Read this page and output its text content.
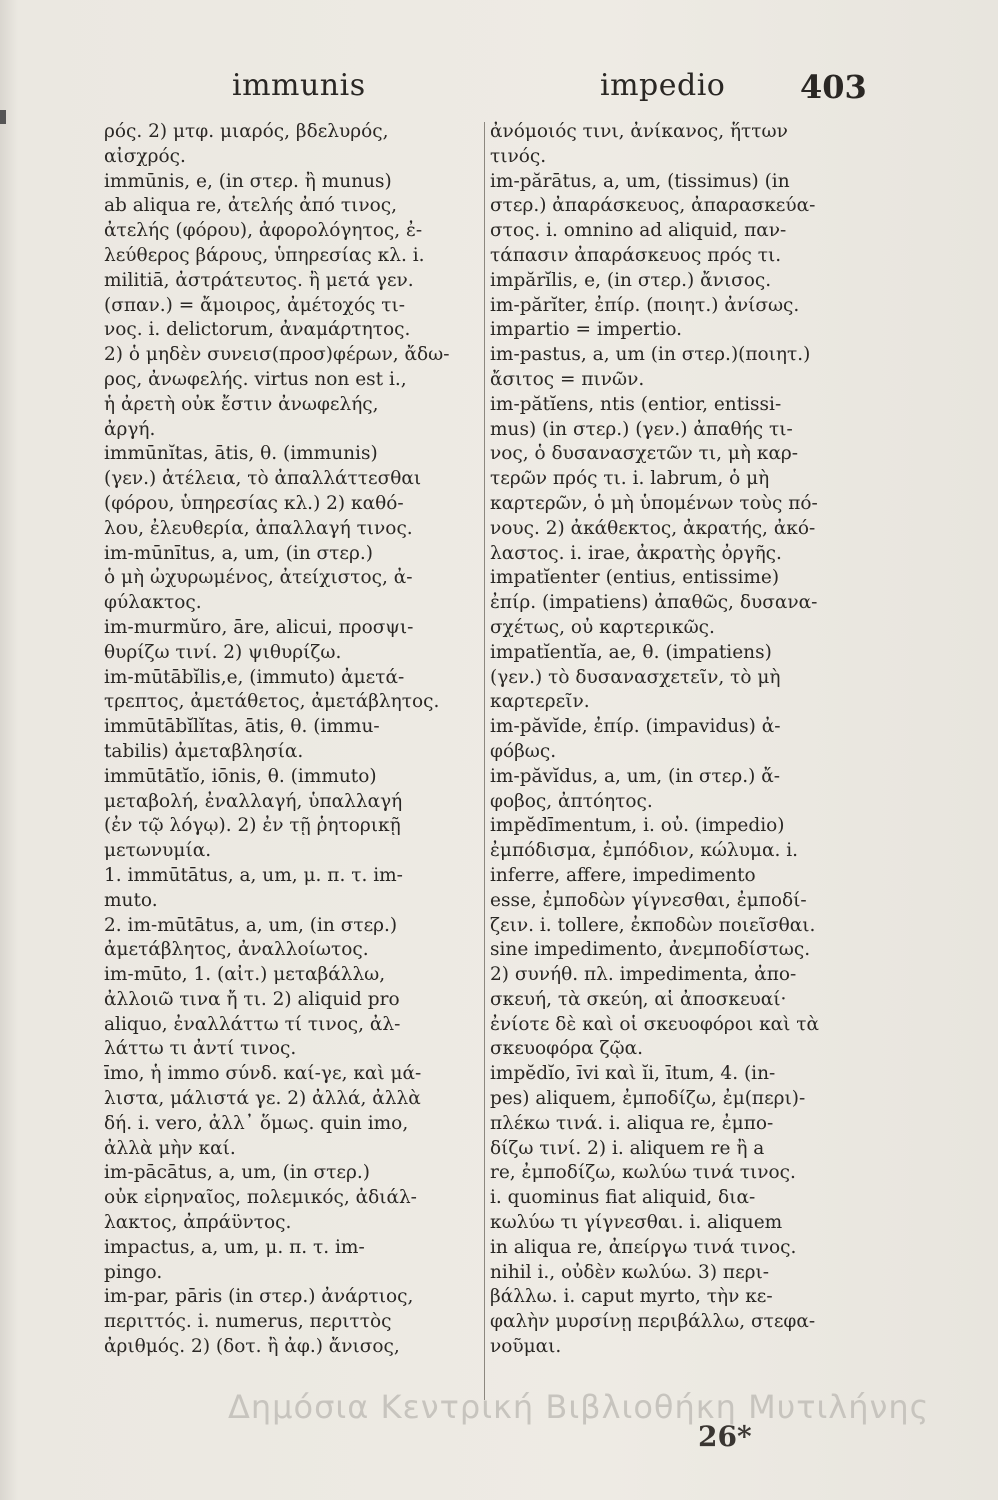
immunis	impedio 403
ρός. 2) μτφ. μιαρός, βδελυρός,
αἰσχρός.
immūnis, e, (in στερ. ἢ munus)
ab aliqua re, ἀτελής ἀπό τινος,
ἀτελής (φόρου), ἀφορολόγητος, ἐ-
λεύθερος βάρους, ὑπηρεσίας κλ. i.
militiā, ἀστράτευτος. ἢ μετά γεν.
(σπαν.) = ἄμοιρος, ἀμέτοχός τι-
νος. i. delictorum, ἀναμάρτητος.
2) ὁ μηδὲν συνεισ(προσ)φέρων, ἄδω-
ρος, ἀνωφελής. virtus non est i.,
ἡ ἀρετὴ οὐκ ἔστιν ἀνωφελής,
ἀργή.
immūnĭtas, ātis, θ. (immunis)
(γεν.) ἀτέλεια, τὸ ἀπαλλάττεσθαι
(φόρου, ὑπηρεσίας κλ.) 2) καθό-
λου, ἐλευθερία, ἀπαλλαγή τινος.
im-mūnītus, a, um, (in στερ.)
ὁ μὴ ὠχυρωμένος, ἀτείχιστος, ἀ-
φύλακτος.
im-murmŭro, āre, alicui, προσψι-
θυρίζω τινί. 2) ψιθυρίζω.
im-mūtābĭlis,e, (immuto) ἀμετά-
τρεπτος, ἀμετάθετος, ἀμετάβλητος.
immūtābĭlĭtas, ātis, θ. (immu-
tabilis) ἀμεταβλησία.
immūtātĭo, iōnis, θ. (immuto)
μεταβολή, ἐναλλαγή, ὑπαλλαγή
(ἐν τῷ λόγῳ). 2) ἐν τῇ ῥητορικῇ
μετωνυμία.
1. immūtātus, a, um, μ. π. τ. im-
muto.
2. im-mūtātus, a, um, (in στερ.)
ἀμετάβλητος, ἀναλλοίωτος.
im-mūto, 1. (αἰτ.) μεταβάλλω,
ἀλλοιῶ τινα ἤ τι. 2) aliquid pro
aliquo, ἐναλλάττω τί τινος, ἀλ-
λάττω τι ἀντί τινος.
īmo, ἡ immo σύνδ. καί-γε, καὶ μά-
λιστα, μάλιστά γε. 2) ἀλλά, ἀλλὰ
δή. i. vero, ἀλλ᾽ ὅμως. quin imo,
ἀλλὰ μὴν καί.
im-pācātus, a, um, (in στερ.)
οὐκ εἰρηναῖος, πολεμικός, ἀδιάλ-
λακτος, ἀπράϋντος.
impactus, a, um, μ. π. τ. im-
pingo.
im-par, pāris (in στερ.) ἀνάρτιος,
περιττός. i. numerus, περιττὸς
ἀριθμός. 2) (δοτ. ἢ ἀφ.) ἄνισος,
ἀνόμοιός τινι, ἀνίκανος, ἥττων
τινός.
im-părātus, a, um, (tissimus) (in
στερ.) ἀπαράσκευος, ἀπαρασκεύα-
στος. i. omnino ad aliquid, παν-
τάπασιν ἀπαράσκευος πρός τι.
impărĭlis, e, (in στερ.) ἄνισος.
im-părĭter, ἐπίρ. (ποιητ.) ἀνίσως.
impartio = impertio.
im-pastus, a, um (in στερ.)(ποιητ.)
ἄσιτος = πινῶν.
im-pătĭens, ntis (entior, entissi-
mus) (in στερ.) (γεν.) ἀπαθής τι-
νος, ὁ δυσανασχετῶν τι, μὴ καρ-
τερῶν πρός τι. i. labrum, ὁ μὴ
καρτερῶν, ὁ μὴ ὑπομένων τοὺς πό-
νους. 2) ἀκάθεκτος, ἀκρατής, ἀκό-
λαστος. i. irae, ἀκρατὴς ὀργῆς.
impatĭenter (entius, entissime)
ἐπίρ. (impatiens) ἀπαθῶς, δυσανα-
σχέτως, οὐ καρτερικῶς.
impatĭentĭa, ae, θ. (impatiens)
(γεν.) τὸ δυσανασχετεῖν, τὸ μὴ
καρτερεῖν.
im-păvĭde, ἐπίρ. (impavidus) ἀ-
φόβως.
im-păvĭdus, a, um, (in στερ.) ἄ-
φοβος, ἀπτόητος.
impĕdīmentum, i. οὐ. (impedio)
ἐμπόδισμα, ἐμπόδιον, κώλυμα. i.
inferre, affere, impedimento
esse, ἐμποδὼν γίγνεσθαι, ἐμποδί-
ζειν. i. tollere, ἐκποδὼν ποιεῖσθαι.
sine impedimento, ἀνεμποδίστως.
2) συνήθ. πλ. impedimenta, ἀπο-
σκευή, τὰ σκεύη, αἱ ἀποσκευαί·
ἐνίοτε δὲ καὶ οἱ σκευοφόροι καὶ τὰ
σκευοφόρα ζῷα.
impĕdĭo, īvi καὶ ĭi, ītum, 4. (in-
pes) aliquem, ἐμποδίζω, ἐμ(περι)-
πλέκω τινά. i. aliqua re, ἐμπο-
δίζω τινί. 2) i. aliquem re ἢ a
re, ἐμποδίζω, κωλύω τινά τινος.
i. quominus fiat aliquid, δια-
κωλύω τι γίγνεσθαι. i. aliquem
in aliqua re, ἀπείργω τινά τινος.
nihil i., οὐδὲν κωλύω. 3) περι-
βάλλω. i. caput myrto, τὴν κε-
φαλὴν μυρσίνῃ περιβάλλω, στεφα-
νοῦμαι.
Δημόσια Κεντρική Βιβλιοθήκη Μυτιλήνης
26*
